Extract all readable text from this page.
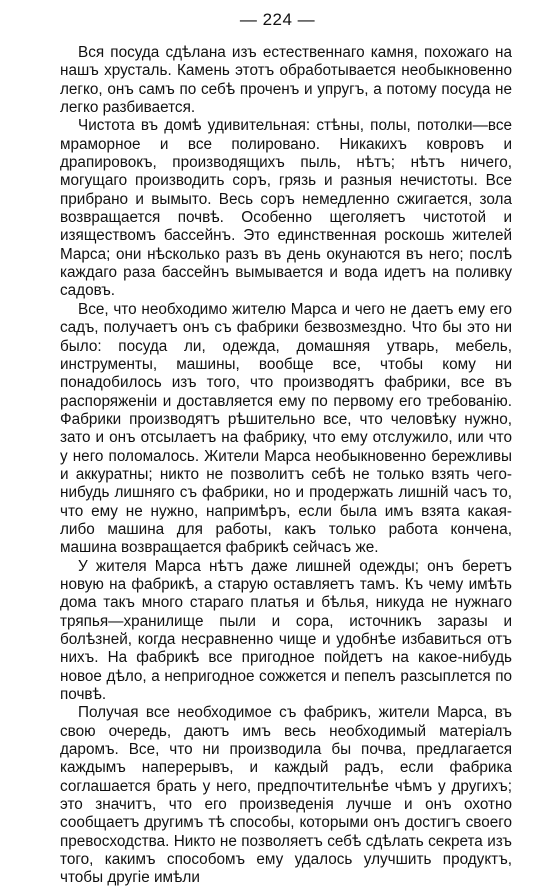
— 224 —

Вся посуда сдѣлана изъ естественнаго камня, похожаго на нашъ хрусталь. Камень этотъ обработывается необыкновенно легко, онъ самъ по себѣ проченъ и упругъ, а потому посуда не легко разбивается.

Чистота въ домѣ удивительная: стѣны, полы, потолки—все мраморное и все полировано. Никакихъ ковровъ и драпировокъ, производящихъ пыль, нѣтъ; нѣтъ ничего, могущаго производить соръ, грязь и разныя нечистоты. Все прибрано и вымыто. Весь соръ немедленно сжигается, зола возвращается почвѣ. Особенно щеголяетъ чистотой и изяществомъ бассейнъ. Это единственная роскошь жителей Марса; они нѣсколько разъ въ день окунаются въ него; послѣ каждаго раза бассейнъ вымывается и вода идетъ на поливку садовъ.

Все, что необходимо жителю Марса и чего не даетъ ему его садъ, получаетъ онъ съ фабрики безвозмездно. Что бы это ни было: посуда ли, одежда, домашняя утварь, мебель, инструменты, машины, вообще все, чтобы кому ни понадобилось изъ того, что производятъ фабрики, все въ распоряженіи и доставляется ему по первому его требованію. Фабрики производятъ рѣшительно все, что человѣку нужно, зато и онъ отсылаетъ на фабрику, что ему отслужило, или что у него поломалось. Жители Марса необыкновенно бережливы и аккуратны; никто не позволитъ себѣ не только взять чего-нибудь лишняго съ фабрики, но и продержать лишній часъ то, что ему не нужно, напримѣръ, если была имъ взята какая-либо машина для работы, какъ только работа кончена, машина возвращается фабрикѣ сейчасъ же.

У жителя Марса нѣтъ даже лишней одежды; онъ беретъ новую на фабрикѣ, а старую оставляетъ тамъ. Къ чему имѣть дома такъ много стараго платья и бѣлья, никуда не нужнаго тряпья—хранилище пыли и сора, источникъ заразы и болѣзней, когда несравненно чище и удобнѣе избавиться отъ нихъ. На фабрикѣ все пригодное пойдетъ на какое-нибудь новое дѣло, а непригодное сожжется и пепелъ разсыплется по почвѣ.

Получая все необходимое съ фабрикъ, жители Марса, въ свою очередь, даютъ имъ весь необходимый матеріалъ даромъ. Все, что ни производила бы почва, предлагается каждымъ наперерывъ, и каждый радъ, если фабрика соглашается брать у него, предпочтительнѣе чѣмъ у другихъ; это значитъ, что его произведенія лучше и онъ охотно сообщаетъ другимъ тѣ способы, которыми онъ достигъ своего превосходства. Никто не позволяетъ себѣ сдѣлать секрета изъ того, какимъ способомъ ему удалось улучшить продуктъ, чтобы другіе имѣли
